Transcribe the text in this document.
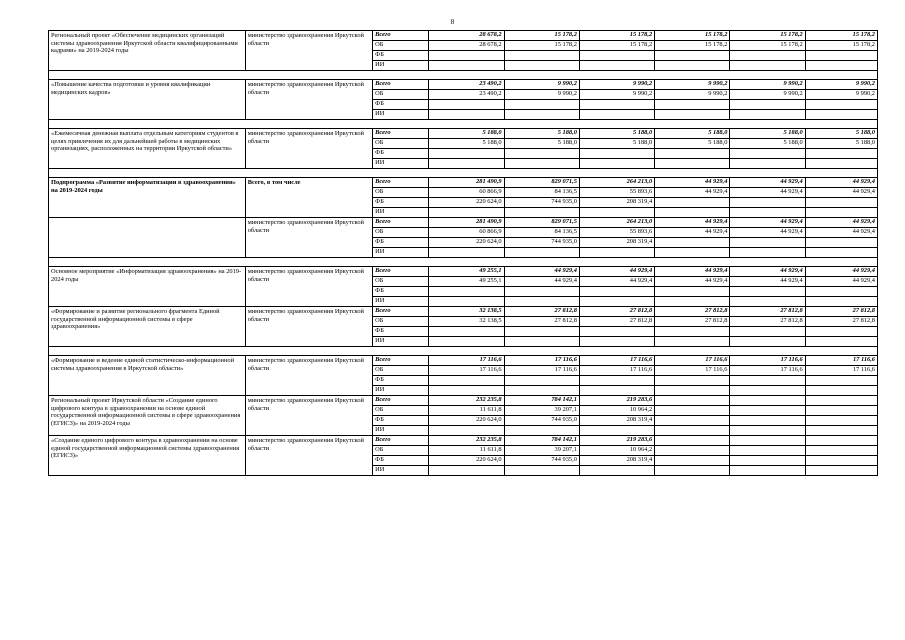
8
Региональный проект «Обеспечение медицинских организаций системы здравоохранения Иркутской области квалифицированными кадрами» на 2019-2024 годы	министерство здравоохранения Иркутской области	Всего	28 678,2	15 178,2	15 178,2	15 178,2	15 178,2	15 178,2
		ОБ	28 678,2	15 178,2	15 178,2	15 178,2	15 178,2	15 178,2
		ФБ						
		ИИ						

«Повышение качества подготовки и уровня квалификации медицинских кадров»	министерство здравоохранения Иркутской области	Всего	23 490,2	9 990,2	9 990,2	9 990,2	9 990,2	9 990,2
		ОБ	23 490,2	9 990,2	9 990,2	9 990,2	9 990,2	9 990,2
		ФБ						
		ИИ						

«Ежемесячная денежная выплата отдельным категориям студентов в целях привлечения их для дальнейшей работы в медицинских организациях, расположенных на территории Иркутской области»	министерство здравоохранения Иркутской области	Всего	5 188,0	5 188,0	5 188,0	5 188,0	5 188,0	5 188,0
		ОБ	5 188,0	5 188,0	5 188,0	5 188,0	5 188,0	5 188,0
		ФБ						
		ИИ						

Подпрограмма «Развитие информатизации в здравоохранении» на 2019-2024 годы	Всего, в том числе	Всего	281 490,9	829 071,5	264 213,0	44 929,4	44 929,4	44 929,4
		ОБ	60 866,9	84 136,5	55 893,6	44 929,4	44 929,4	44 929,4
		ФБ	220 624,0	744 935,0	208 319,4			
		ИИ						
	министерство здравоохранения Иркутской области	Всего	281 490,9	829 071,5	264 213,0	44 929,4	44 929,4	44 929,4
		ОБ	60 866,9	84 136,5	55 893,6	44 929,4	44 929,4	44 929,4
		ФБ	220 624,0	744 935,0	208 319,4			
		ИИ						

Основное мероприятие «Информатизация здравоохранения» на 2019-2024 годы	министерство здравоохранения Иркутской области	Всего	49 255,1	44 929,4	44 929,4	44 929,4	44 929,4	44 929,4
		ОБ	49 255,1	44 929,4	44 929,4	44 929,4	44 929,4	44 929,4
		ФБ						
		ИИ						
«Формирование и развитие регионального фрагмента Единой государственной информационной системы в сфере здравоохранения»	министерство здравоохранения Иркутской области	Всего	32 138,5	27 812,8	27 812,8	27 812,8	27 812,8	27 812,8
		ОБ	32 138,5	27 812,8	27 812,8	27 812,8	27 812,8	27 812,8
		ФБ						
		ИИ						

«Формирование и ведение единой статистическо-информационной системы здравоохранения в Иркутской области»	министерство здравоохранения Иркутской области	Всего	17 116,6	17 116,6	17 116,6	17 116,6	17 116,6	17 116,6
		ОБ	17 116,6	17 116,6	17 116,6	17 116,6	17 116,6	17 116,6
		ФБ						
		ИИ						
Региональный проект Иркутской области «Создание единого цифрового контура в здравоохранении на основе единой государственной информационной системы в сфере здравоохранения (ЕГИСЗ)» на 2019-2024 годы	министерство здравоохранения Иркутской области	Всего	232 235,8	784 142,1	219 283,6			
		ОБ	11 611,8	39 207,1	10 964,2			
		ФБ	220 624,0	744 935,0	208 319,4			
		ИИ						
«Создание единого цифрового контура в здравоохранении на основе единой государственной информационной системы здравоохранения (ЕГИСЗ)»	министерство здравоохранения Иркутской области	Всего	232 235,8	784 142,1	219 283,6			
		ОБ	11 611,8	39 207,1	10 964,2			
		ФБ	220 624,0	744 935,0	208 319,4			
		ИИ						
